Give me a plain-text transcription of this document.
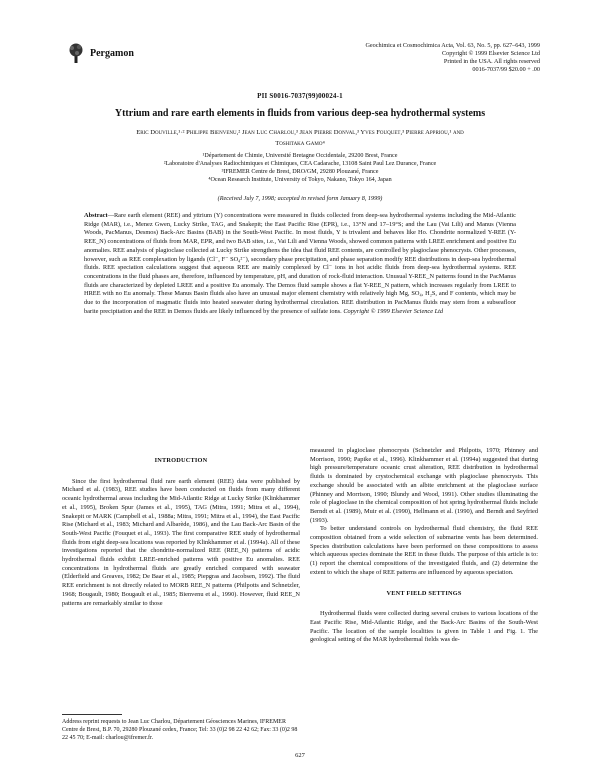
Pergamon
Geochimica et Cosmochimica Acta, Vol. 63, No. 5, pp. 627–643, 1999
Copyright © 1999 Elsevier Science Ltd
Printed in the USA. All rights reserved
0016-7037/99 $20.00 + .00
PII S0016-7037(99)00024-1
Yttrium and rare earth elements in fluids from various deep-sea hydrothermal systems
Eric Douville,¹·² Philippe Bienvenu,² Jean Luc Charlou,³ Jean Pierre Donval,³ Yves Fouquet,³ Pierre Appriou,¹ and
Toshitaka Gamo⁴
¹Département de Chimie, Université Bretagne Occidentale, 29200 Brest, France
²Laboratoire d'Analyses Radiochimiques et Chimiques, CEA Cadarache, 13108 Saint Paul Lez Durance, France
³IFREMER Centre de Brest, DRO/GM, 29280 Plouzané, France
⁴Ocean Research Institute, University of Tokyo, Nakano, Tokyo 164, Japan
(Received July 7, 1998; accepted in revised form January 8, 1999)
Abstract—Rare earth element (REE) and yttrium (Y) concentrations were measured in fluids collected from deep-sea hydrothermal systems including the Mid-Atlantic Ridge (MAR), i.e., Menez Gwen, Lucky Strike, TAG, and Snakepit; the East Pacific Rise (EPR), i.e., 13°N and 17–19°S; and the Lau (Vai Lili) and Manus (Vienna Woods, PacManus, Desmos) Back-Arc Basins (BAB) in the South-West Pacific. In most fluids, Y is trivalent and behaves like Ho. Chondrite normalized Y-REE (Y-REE_N) concentrations of fluids from MAR, EPR, and two BAB sites, i.e., Vai Lili and Vienna Woods, showed common patterns with LREE enrichment and positive Eu anomalies. REE analysis of plagioclase collected at Lucky Strike strengthens the idea that fluid REE contents, are controlled by plagioclase phenocrysts. Other processes, however, such as REE complexation by ligands (Cl⁻, F⁻ SO₄²⁻), secondary phase precipitation, and phase separation modify REE distributions in deep-sea hydrothermal fluids. REE speciation calculations suggest that aqueous REE are mainly complexed by Cl⁻ ions in hot acidic fluids from deep-sea hydrothermal systems. REE concentrations in the fluid phases are, therefore, influenced by temperature, pH, and duration of rock-fluid interaction. Unusual Y-REE_N patterns found in the PacManus fluids are characterized by depleted LREE and a positive Eu anomaly. The Demos fluid sample shows a flat Y-REE_N pattern, which increases regularly from LREE to HREE with no Eu anomaly. These Manus Basin fluids also have an unusual major element chemistry with relatively high Mg, SO₄, H₂S, and F contents, which may be due to the incorporation of magmatic fluids into heated seawater during hydrothermal circulation. REE distribution in PacManus fluids may stem from a subseafloor barite precipitation and the REE in Demos fluids are likely influenced by the presence of sulfate ions. Copyright © 1999 Elsevier Science Ltd
INTRODUCTION

Since the first hydrothermal fluid rare earth element (REE) data were published by Michard et al. (1983), REE studies have been conducted on fluids from many different oceanic hydrothermal areas including the Mid-Atlantic Ridge at Lucky Strike (Klinkhammer et al., 1995), Broken Spur (James et al., 1995), TAG (Mitra, 1991; Mitra et al., 1994), Snakepit or MARK (Campbell et al., 1988a; Mitra, 1991; Mitra et al., 1994), the East Pacific Rise (Michard et al., 1983; Michard and Albarède, 1986), and the Lau Back-Arc Basin of the South-West Pacific (Fouquet et al., 1993). The first comparative REE study of hydrothermal fluids from eight deep-sea locations was reported by Klinkhammer et al. (1994a). All of these investigations reported that the chondrite-normalized REE (REE_N) patterns of acidic hydrothermal fluids exhibit LREE-enriched patterns with positive Eu anomalies. REE concentrations in hydrothermal fluids are greatly enriched compared with seawater (Elderfield and Greaves, 1982; De Baar et al., 1985; Piepgras and Jacobsen, 1992). The fluid REE enrichment is not directly related to MORB REE_N patterns (Philpotts and Schnetzler, 1968; Bougault, 1980; Bougault et al., 1985; Bienvenu et al., 1990). However, fluid REE_N patterns are remarkably similar to those

measured in plagioclase phenocrysts (Schnetzler and Philpotts, 1970; Phinney and Morrison, 1990; Papike et al., 1996). Klinkhammer et al. (1994a) suggested that during high pressure/temperature oceanic crust alteration, REE distribution in hydrothermal fluids is dominated by crystochemical exchange with plagioclase phenocrysts. This exchange should be associated with an albite enrichment at the plagioclase surface (Phinney and Morrison, 1990; Blundy and Wood, 1991). Other studies illuminating the role of plagioclase in the chemical composition of hot spring hydrothermal fluids include Berndt et al. (1989), Muir et al. (1990), Hellmann et al. (1990), and Berndt and Seyfried (1993).

To better understand controls on hydrothermal fluid chemistry, the fluid REE composition obtained from a wide selection of submarine vents has been determined. Species distribution calculations have been performed on these compositions to assess which aqueous species dominate the REE in these fluids. The purpose of this article is to: (1) report the chemical compositions of the investigated fluids, and (2) determine the extent to which the shape of REE patterns are influenced by aqueous speciation.

VENT FIELD SETTINGS

Hydrothermal fluids were collected during several cruises to various locations of the East Pacific Rise, Mid-Atlantic Ridge, and the Back-Arc Basins of the South-West Pacific. The location of the sample localities is given in Table 1 and Fig. 1. The geological setting of the MAR hydrothermal fields was de-

Address reprint requests to Jean Luc Charlou, Département Géosciences Marines, IFREMER Centre de Brest, B.P. 70, 29280 Plouzané cedex, France; Tel: 33 (0)2 98 22 42 62; Fax: 33 (0)2 98 22 45 70; E-mail: charlou@ifremer.fr.
627
